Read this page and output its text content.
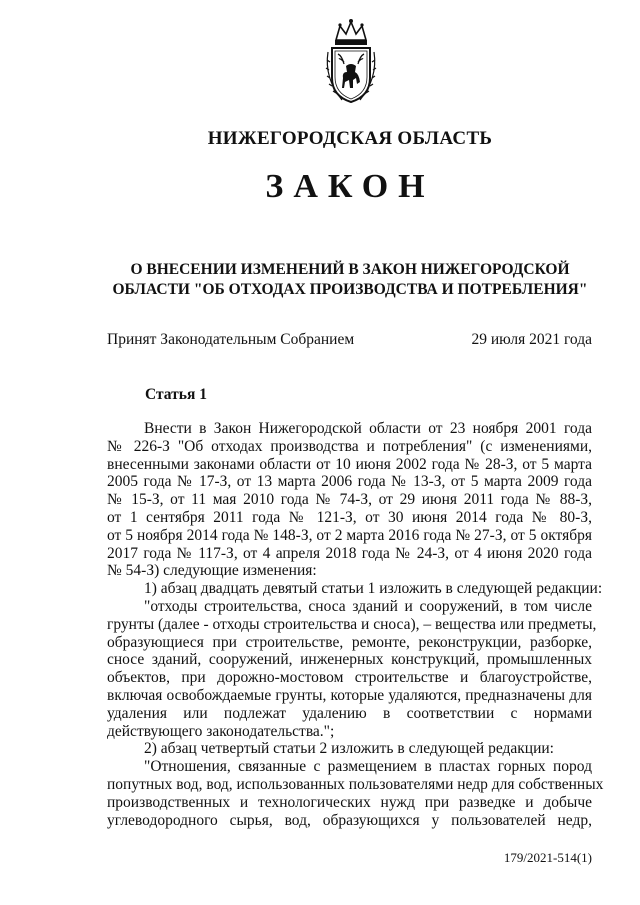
НИЖЕГОРОДСКАЯ ОБЛАСТЬ
ЗАКОН
О ВНЕСЕНИИ ИЗМЕНЕНИЙ В ЗАКОН НИЖЕГОРОДСКОЙ
ОБЛАСТИ "ОБ ОТХОДАХ ПРОИЗВОДСТВА И ПОТРЕБЛЕНИЯ"
Принят Законодательным Собранием	29 июля 2021 года
Статья 1
Внести в Закон Нижегородской области от 23 ноября 2001 года
№ 226-З "Об отходах производства и потребления" (с изменениями,
внесенными законами области от 10 июня 2002 года № 28-З, от 5 марта
2005 года № 17-З, от 13 марта 2006 года № 13-З, от 5 марта 2009 года
№ 15-З, от 11 мая 2010 года № 74-З, от 29 июня 2011 года № 88-З,
от 1 сентября 2011 года № 121-З, от 30 июня 2014 года № 80-З,
от 5 ноября 2014 года № 148-З, от 2 марта 2016 года № 27-З, от 5 октября
2017 года № 117-З, от 4 апреля 2018 года № 24-З, от 4 июня 2020 года
№ 54-З) следующие изменения:
1) абзац двадцать девятый статьи 1 изложить в следующей редакции:
"отходы строительства, сноса зданий и сооружений, в том числе
грунты (далее - отходы строительства и сноса), – вещества или предметы,
образующиеся при строительстве, ремонте, реконструкции, разборке,
сносе зданий, сооружений, инженерных конструкций, промышленных
объектов, при дорожно-мостовом строительстве и благоустройстве,
включая освобождаемые грунты, которые удаляются, предназначены для
удаления или подлежат удалению в соответствии с нормами
действующего законодательства.";
2) абзац четвертый статьи 2 изложить в следующей редакции:
"Отношения, связанные с размещением в пластах горных пород
попутных вод, вод, использованных пользователями недр для собственных
производственных и технологических нужд при разведке и добыче
углеводородного сырья, вод, образующихся у пользователей недр,
179/2021-514(1)
